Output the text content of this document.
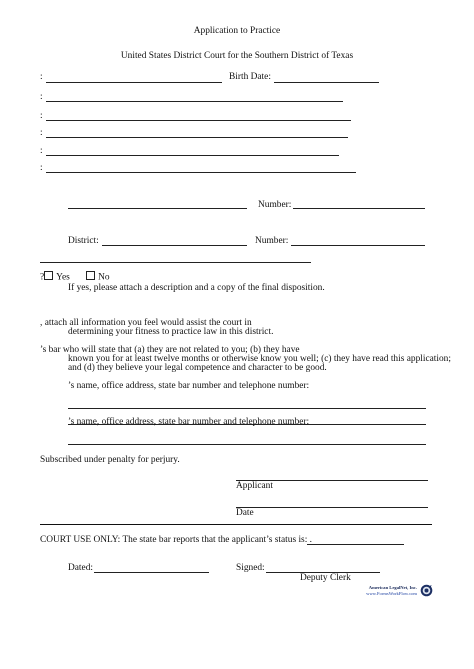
Application to Practice
United States District Court for the Southern District of Texas
:	Birth Date:
:
:
:
:
:
Number:
District:	Number:
? Yes	No
If yes, please attach a description and a copy of the final disposition.
, attach all information you feel would assist the court in
determining your fitness to practice law in this district.
’s bar who will state that (a) they are not related to you; (b) they have
known you for at least twelve months or otherwise know you well; (c) they have read this application;
and (d) they believe your legal competence and character to be good.
’s name, office address, state bar number and telephone number:
’s name, office address, state bar number and telephone number:
Subscribed under penalty for perjury.
Applicant
Date
COURT USE ONLY: The state bar reports that the applicant’s status is: .
Dated:	Signed:
Deputy Clerk
American LegalNet, Inc.
www.FormsWorkFlow.com
